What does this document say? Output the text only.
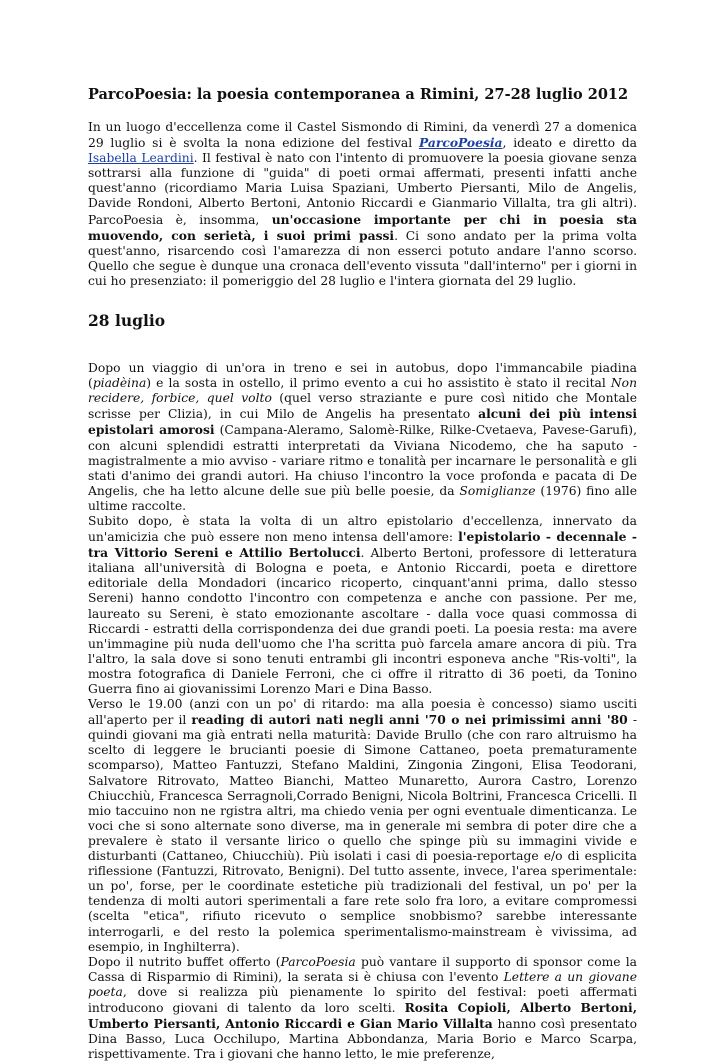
ParcoPoesia: la poesia contemporanea a Rimini, 27-28 luglio 2012

In un luogo d'eccellenza come il Castel Sismondo di Rimini, da venerdì 27 a domenica 29 luglio si è svolta la nona edizione del festival ParcoPoesia, ideato e diretto da Isabella Leardini. Il festival è nato con l'intento di promuovere la poesia giovane senza sottrarsi alla funzione di "guida" di poeti ormai affermati, presenti infatti anche quest'anno (ricordiamo Maria Luisa Spaziani, Umberto Piersanti, Milo de Angelis, Davide Rondoni, Alberto Bertoni, Antonio Riccardi e Gianmario Villalta, tra gli altri). ParcoPoesia è, insomma, un'occasione importante per chi in poesia sta muovendo, con serietà, i suoi primi passi. Ci sono andato per la prima volta quest'anno, risarcendo così l'amarezza di non esserci potuto andare l'anno scorso. Quello che segue è dunque una cronaca dell'evento vissuta "dall'interno" per i giorni in cui ho presenziato: il pomeriggio del 28 luglio e l'intera giornata del 29 luglio.

28 luglio

Dopo un viaggio di un'ora in treno e sei in autobus, dopo l'immancabile piadina (piadèina) e la sosta in ostello, il primo evento a cui ho assistito è stato il recital Non recidere, forbice, quel volto (quel verso straziante e pure così nitido che Montale scrisse per Clizia), in cui Milo de Angelis ha presentato alcuni dei più intensi epistolari amorosi (Campana-Aleramo, Salomè-Rilke, Rilke-Cvetaeva, Pavese-Garufi), con alcuni splendidi estratti interpretati da Viviana Nicodemo, che ha saputo - magistralmente a mio avviso - variare ritmo e tonalità per incarnare le personalità e gli stati d'animo dei grandi autori. Ha chiuso l'incontro la voce profonda e pacata di De Angelis, che ha letto alcune delle sue più belle poesie, da Somiglianze (1976) fino alle ultime raccolte.

Subito dopo, è stata la volta di un altro epistolario d'eccellenza, innervato da un'amicizia che può essere non meno intensa dell'amore: l'epistolario - decennale - tra Vittorio Sereni e Attilio Bertolucci. Alberto Bertoni, professore di letteratura italiana all'università di Bologna e poeta, e Antonio Riccardi, poeta e direttore editoriale della Mondadori (incarico ricoperto, cinquant'anni prima, dallo stesso Sereni) hanno condotto l'incontro con competenza e anche con passione. Per me, laureato su Sereni, è stato emozionante ascoltare - dalla voce quasi commossa di Riccardi - estratti della corrispondenza dei due grandi poeti. La poesia resta: ma avere un'immagine più nuda dell'uomo che l'ha scritta può farcela amare ancora di più. Tra l'altro, la sala dove si sono tenuti entrambi gli incontri esponeva anche "Ris-volti", la mostra fotografica di Daniele Ferroni, che ci offre il ritratto di 36 poeti, da Tonino Guerra fino ai giovanissimi Lorenzo Mari e Dina Basso.

Verso le 19.00 (anzi con un po' di ritardo: ma alla poesia è concesso) siamo usciti all'aperto per il reading di autori nati negli anni '70 o nei primissimi anni '80 - quindi giovani ma già entrati nella maturità: Davide Brullo (che con raro altruismo ha scelto di leggere le brucianti poesie di Simone Cattaneo, poeta prematuramente scomparso), Matteo Fantuzzi, Stefano Maldini, Zingonia Zingoni, Elisa Teodorani, Salvatore Ritrovato, Matteo Bianchi, Matteo Munaretto, Aurora Castro, Lorenzo Chiucchiù, Francesca Serragnoli,Corrado Benigni, Nicola Boltrini, Francesca Cricelli. Il mio taccuino non ne rgistra altri, ma chiedo venia per ogni eventuale dimenticanza. Le voci che si sono alternate sono diverse, ma in generale mi sembra di poter dire che a prevalere è stato il versante lirico o quello che spinge più su immagini vivide e disturbanti (Cattaneo, Chiucchiù). Più isolati i casi di poesia-reportage e/o di esplicita riflessione (Fantuzzi, Ritrovato, Benigni). Del tutto assente, invece, l'area sperimentale: un po', forse, per le coordinate estetiche più tradizionali del festival, un po' per la tendenza di molti autori sperimentali a fare rete solo fra loro, a evitare compromessi (scelta "etica", rifiuto ricevuto o semplice snobbismo? sarebbe interessante interrogarli, e del resto la polemica sperimentalismo-mainstream è vivissima, ad esempio, in Inghilterra).

Dopo il nutrito buffet offerto (ParcoPoesia può vantare il supporto di sponsor come la Cassa di Risparmio di Rimini), la serata si è chiusa con l'evento Lettere a un giovane poeta, dove si realizza più pienamente lo spirito del festival: poeti affermati introducono giovani di talento da loro scelti. Rosita Copioli, Alberto Bertoni, Umberto Piersanti, Antonio Riccardi e Gian Mario Villalta hanno così presentato Dina Basso, Luca Occhilupo, Martina Abbondanza, Maria Borio e Marco Scarpa, rispettivamente. Tra i giovani che hanno letto, le mie preferenze,
